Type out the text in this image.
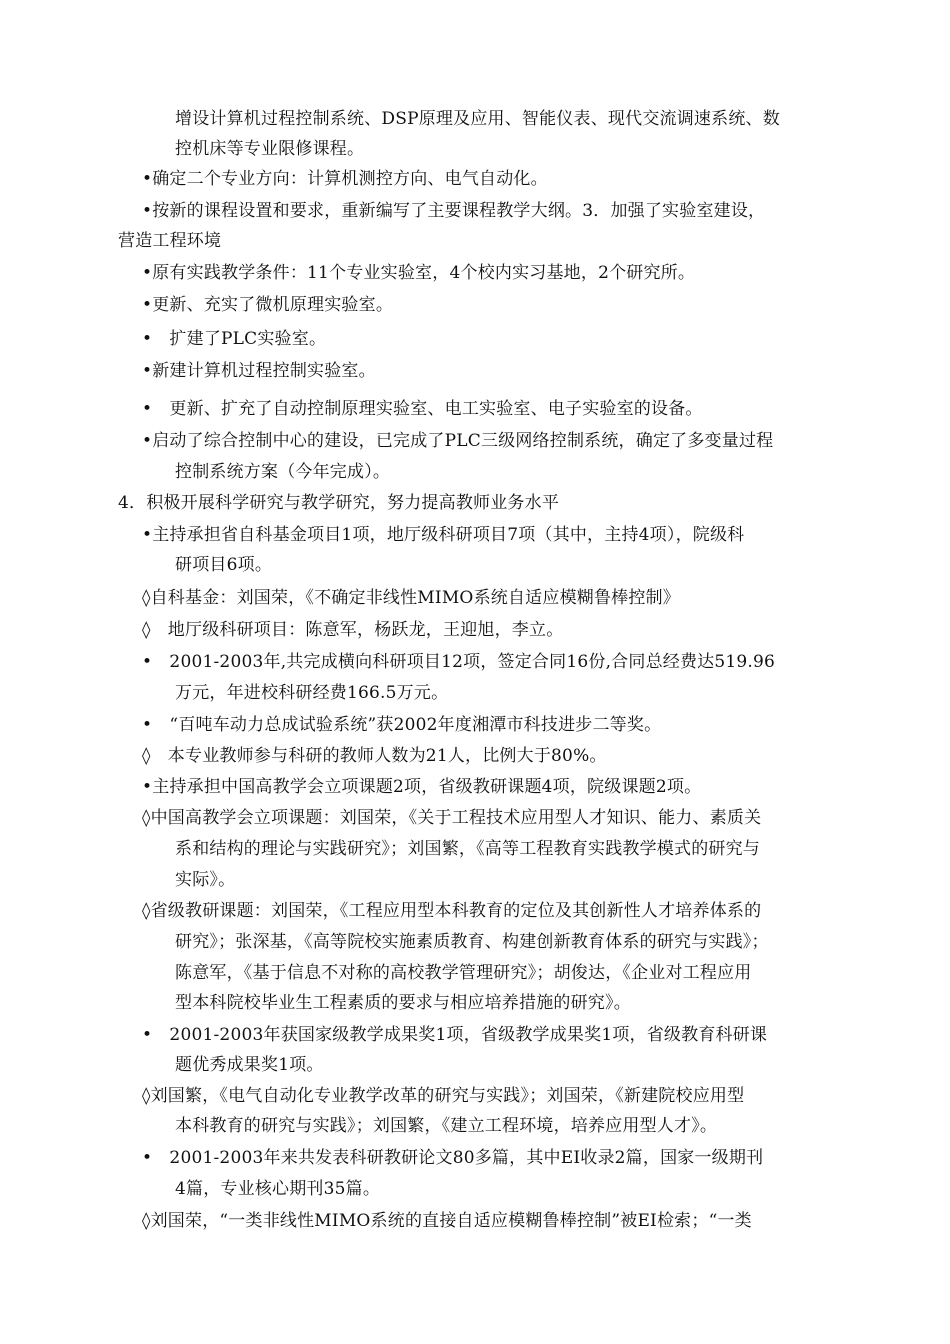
增设计算机过程控制系统、DSP原理及应用、智能仪表、现代交流调速系统、数
控机床等专业限修课程。
•确定二个专业方向：计算机测控方向、电气自动化。
•按新的课程设置和要求，重新编写了主要课程教学大纲。3．加强了实验室建设，
营造工程环境
•原有实践教学条件：11个专业实验室，4个校内实习基地，2个研究所。
•更新、充实了微机原理实验室。
•　扩建了PLC实验室。
•新建计算机过程控制实验室。
•　更新、扩充了自动控制原理实验室、电工实验室、电子实验室的设备。
•启动了综合控制中心的建设，已完成了PLC三级网络控制系统，确定了多变量过程
控制系统方案（今年完成）。
4．积极开展科学研究与教学研究，努力提高教师业务水平
•主持承担省自科基金项目1项，地厅级科研项目7项（其中，主持4项），院级科
研项目6项。
◊自科基金：刘国荣，《不确定非线性MIMO系统自适应模糊鲁棒控制》
◊　地厅级科研项目：陈意军，杨跃龙，王迎旭，李立。
•　2001-2003年,共完成横向科研项目12项，签定合同16份,合同总经费达519.96
万元，年进校科研经费166.5万元。
•　“百吨车动力总成试验系统”获2002年度湘潭市科技进步二等奖。
◊　本专业教师参与科研的教师人数为21人，比例大于80%。
•主持承担中国高教学会立项课题2项，省级教研课题4项，院级课题2项。
◊中国高教学会立项课题：刘国荣，《关于工程技术应用型人才知识、能力、素质关
系和结构的理论与实践研究》；刘国繁，《高等工程教育实践教学模式的研究与
实际》。
◊省级教研课题：刘国荣，《工程应用型本科教育的定位及其创新性人才培养体系的
研究》；张深基，《高等院校实施素质教育、构建创新教育体系的研究与实践》；
陈意军，《基于信息不对称的高校教学管理研究》；胡俊达，《企业对工程应用
型本科院校毕业生工程素质的要求与相应培养措施的研究》。
•　2001-2003年获国家级教学成果奖1项，省级教学成果奖1项，省级教育科研课
题优秀成果奖1项。
◊刘国繁，《电气自动化专业教学改革的研究与实践》；刘国荣，《新建院校应用型
本科教育的研究与实践》；刘国繁，《建立工程环境，培养应用型人才》。
•　2001-2003年来共发表科研教研论文80多篇，其中EI收录2篇，国家一级期刊
4篇，专业核心期刊35篇。
◊刘国荣，“一类非线性MIMO系统的直接自适应模糊鲁棒控制”被EI检索；“一类
